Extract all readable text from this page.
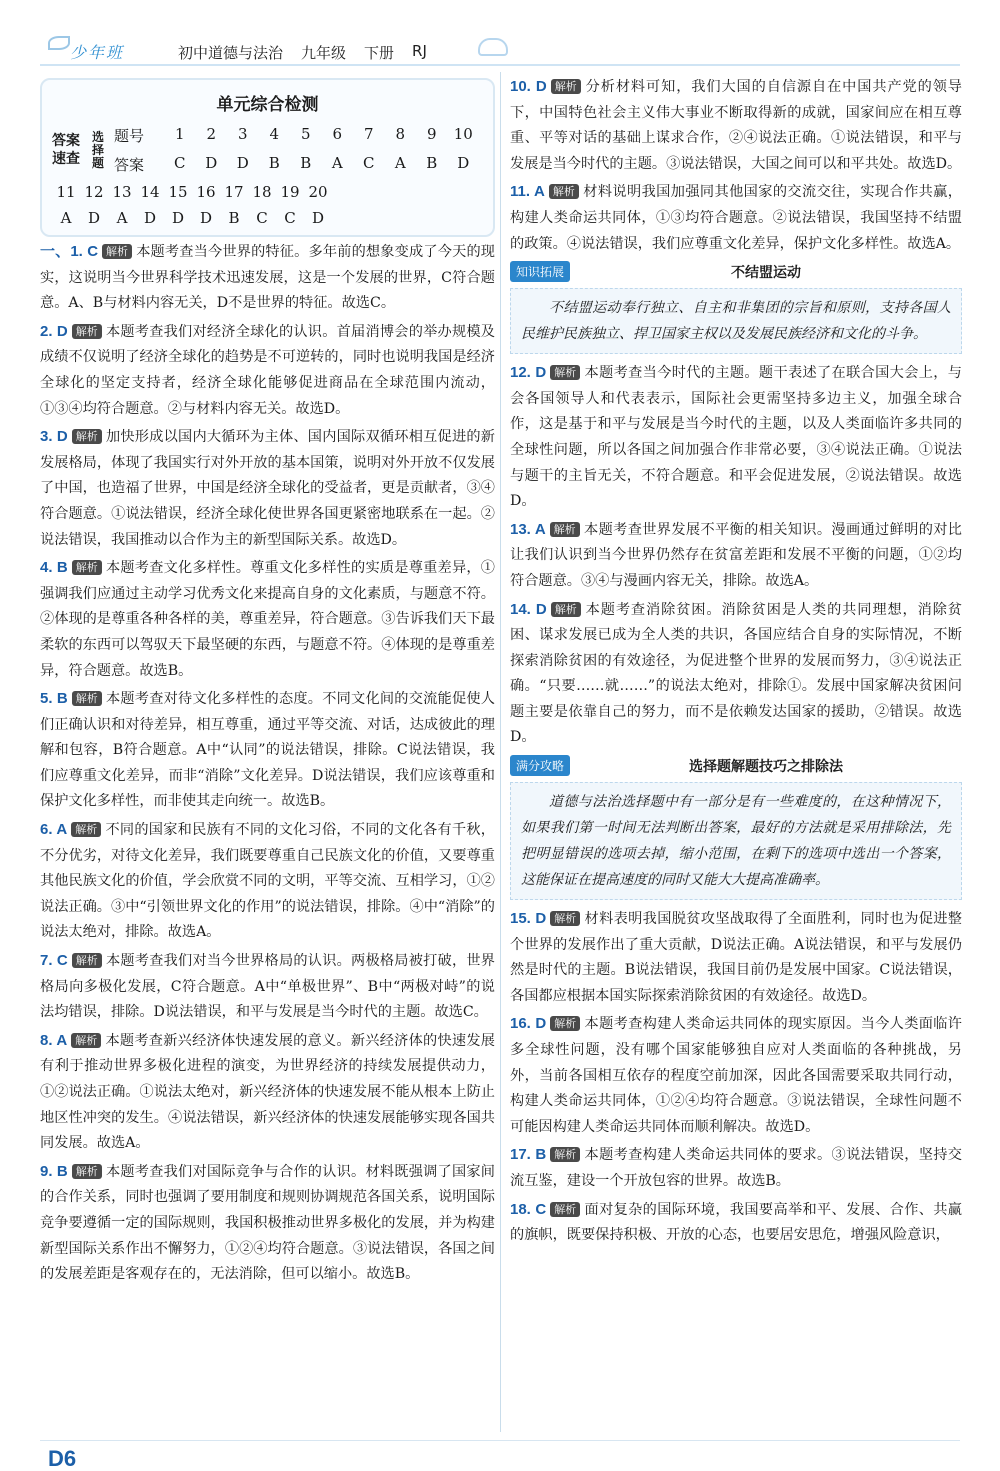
少年班	初中道德与法治 九年级 下册 RJ
单元综合检测
答案速查
选择题
题号	1	2	3	4	5	6	7	8	9	10
答案	C	D	D	B	B	A	C	A	B	D
11 12 13 14 15 16 17 18 19 20
A	D	A	D	D	D	B	C	C	D
一、1. C 解析 本题考查当今世界的特征。多年前的想象变成了今天的现实，这说明当今世界科学技术迅速发展，这是一个发展的世界，C符合题意。A、B与材料内容无关，D不是世界的特征。故选C。
2. D 解析 本题考查我们对经济全球化的认识。首届消博会的举办规模及成绩不仅说明了经济全球化的趋势是不可逆转的，同时也说明我国是经济全球化的坚定支持者，经济全球化能够促进商品在全球范围内流动，①③④均符合题意。②与材料内容无关。故选D。
3. D 解析 加快形成以国内大循环为主体、国内国际双循环相互促进的新发展格局，体现了我国实行对外开放的基本国策，说明对外开放不仅发展了中国，也造福了世界，中国是经济全球化的受益者，更是贡献者，③④符合题意。①说法错误，经济全球化使世界各国更紧密地联系在一起。②说法错误，我国推动以合作为主的新型国际关系。故选D。
4. B 解析 本题考查文化多样性。尊重文化多样性的实质是尊重差异，①强调我们应通过主动学习优秀文化来提高自身的文化素质，与题意不符。②体现的是尊重各种各样的美，尊重差异，符合题意。③告诉我们天下最柔软的东西可以驾驭天下最坚硬的东西，与题意不符。④体现的是尊重差异，符合题意。故选B。
5. B 解析 本题考查对待文化多样性的态度。不同文化间的交流能促使人们正确认识和对待差异，相互尊重，通过平等交流、对话，达成彼此的理解和包容，B符合题意。A中“认同”的说法错误，排除。C说法错误，我们应尊重文化差异，而非“消除”文化差异。D说法错误，我们应该尊重和保护文化多样性，而非使其走向统一。故选B。
6. A 解析 不同的国家和民族有不同的文化习俗，不同的文化各有千秋，不分优劣，对待文化差异，我们既要尊重自己民族文化的价值，又要尊重其他民族文化的价值，学会欣赏不同的文明，平等交流、互相学习，①②说法正确。③中“引领世界文化的作用”的说法错误，排除。④中“消除”的说法太绝对，排除。故选A。
7. C 解析 本题考查我们对当今世界格局的认识。两极格局被打破，世界格局向多极化发展，C符合题意。A中“单极世界”、B中“两极对峙”的说法均错误，排除。D说法错误，和平与发展是当今时代的主题。故选C。
8. A 解析 本题考查新兴经济体快速发展的意义。新兴经济体的快速发展有利于推动世界多极化进程的演变，为世界经济的持续发展提供动力，①②说法正确。①说法太绝对，新兴经济体的快速发展不能从根本上防止地区性冲突的发生。④说法错误，新兴经济体的快速发展能够实现各国共同发展。故选A。
9. B 解析 本题考查我们对国际竞争与合作的认识。材料既强调了国家间的合作关系，同时也强调了要用制度和规则协调规范各国关系，说明国际竞争要遵循一定的国际规则，我国积极推动世界多极化的发展，并为构建新型国际关系作出不懈努力，①②④均符合题意。③说法错误，各国之间的发展差距是客观存在的，无法消除，但可以缩小。故选B。
10. D 解析 分析材料可知，我们大国的自信源自在中国共产党的领导下，中国特色社会主义伟大事业不断取得新的成就，国家间应在相互尊重、平等对话的基础上谋求合作，②④说法正确。①说法错误，和平与发展是当今时代的主题。③说法错误，大国之间可以和平共处。故选D。
11. A 解析 材料说明我国加强同其他国家的交流交往，实现合作共赢，构建人类命运共同体，①③均符合题意。②说法错误，我国坚持不结盟的政策。④说法错误，我们应尊重文化差异，保护文化多样性。故选A。
知识拓展	不结盟运动
不结盟运动奉行独立、自主和非集团的宗旨和原则，支持各国人民维护民族独立、捍卫国家主权以及发展民族经济和文化的斗争。
12. D 解析 本题考查当今时代的主题。题干表述了在联合国大会上，与会各国领导人和代表表示，国际社会更需坚持多边主义，加强全球合作，这是基于和平与发展是当今时代的主题，以及人类面临许多共同的全球性问题，所以各国之间加强合作非常必要，③④说法正确。①说法与题干的主旨无关，不符合题意。和平会促进发展，②说法错误。故选D。
13. A 解析 本题考查世界发展不平衡的相关知识。漫画通过鲜明的对比让我们认识到当今世界仍然存在贫富差距和发展不平衡的问题，①②均符合题意。③④与漫画内容无关，排除。故选A。
14. D 解析 本题考查消除贫困。消除贫困是人类的共同理想，消除贫困、谋求发展已成为全人类的共识，各国应结合自身的实际情况，不断探索消除贫困的有效途径，为促进整个世界的发展而努力，③④说法正确。“只要……就……”的说法太绝对，排除①。发展中国家解决贫困问题主要是依靠自己的努力，而不是依赖发达国家的援助，②错误。故选D。
满分攻略	选择题解题技巧之排除法
道德与法治选择题中有一部分是有一些难度的，在这种情况下，如果我们第一时间无法判断出答案，最好的方法就是采用排除法，先把明显错误的选项去掉，缩小范围，在剩下的选项中选出一个答案，这能保证在提高速度的同时又能大大提高准确率。
15. D 解析 材料表明我国脱贫攻坚战取得了全面胜利，同时也为促进整个世界的发展作出了重大贡献，D说法正确。A说法错误，和平与发展仍然是时代的主题。B说法错误，我国目前仍是发展中国家。C说法错误，各国都应根据本国实际探索消除贫困的有效途径。故选D。
16. D 解析 本题考查构建人类命运共同体的现实原因。当今人类面临许多全球性问题，没有哪个国家能够独自应对人类面临的各种挑战，另外，当前各国相互依存的程度空前加深，因此各国需要采取共同行动，构建人类命运共同体，①②④均符合题意。③说法错误，全球性问题不可能因构建人类命运共同体而顺利解决。故选D。
17. B 解析 本题考查构建人类命运共同体的要求。③说法错误，坚持交流互鉴，建设一个开放包容的世界。故选B。
18. C 解析 面对复杂的国际环境，我国要高举和平、发展、合作、共赢的旗帜，既要保持积极、开放的心态，也要居安思危，增强风险意识，
D6
